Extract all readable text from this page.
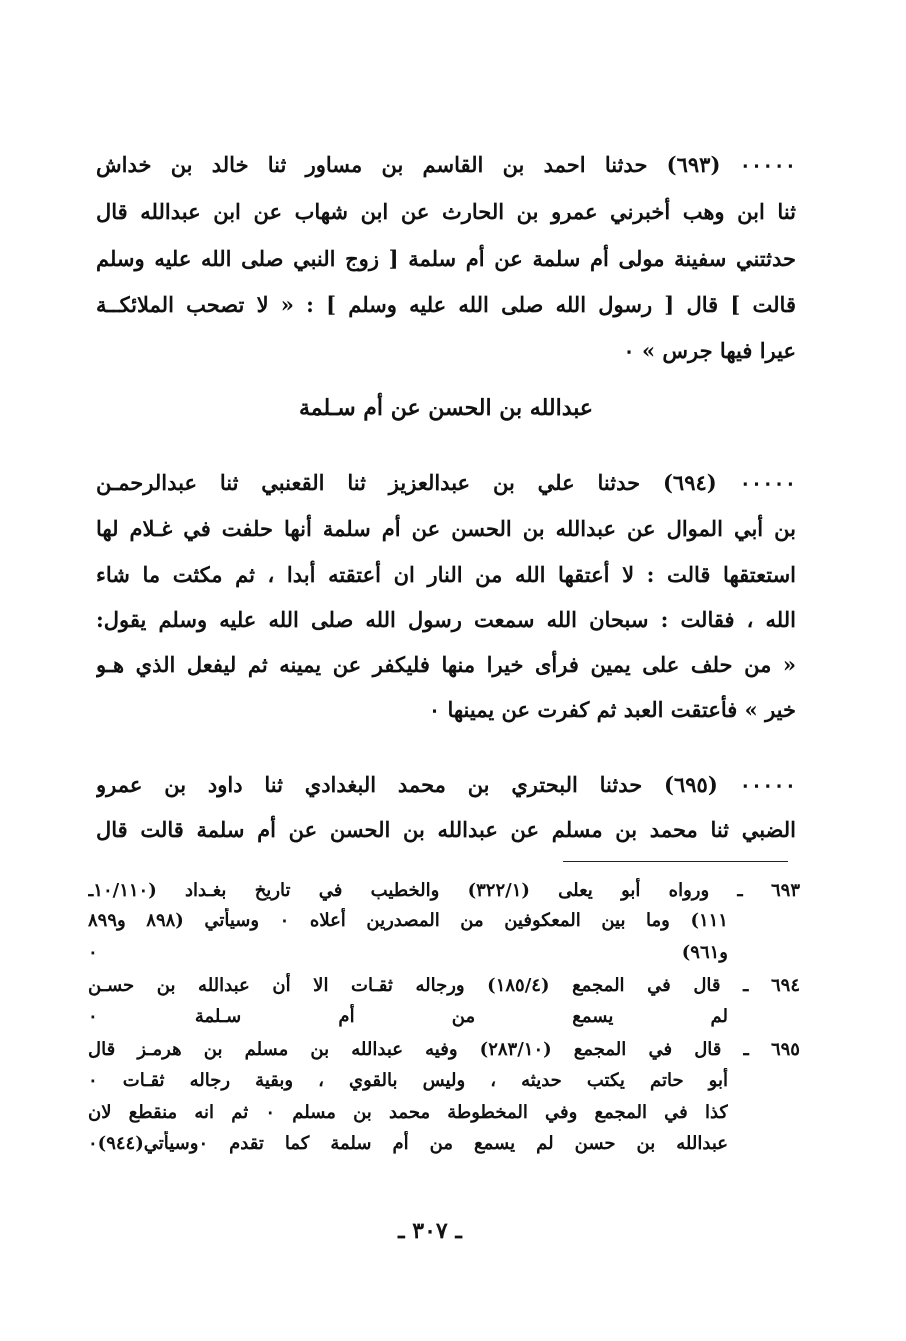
٠٠٠٠٠ (٦٩٣) حدثنا احمد بن القاسم بن مساور ثنا خالد بن خداش
ثنا ابن وهب أخبرني عمرو بن الحارث عن ابن شهاب عن ابن عبدالله قال
حدثتني سفينة مولى أم سلمة عن أم سلمة [ زوج النبي صلى الله عليه وسلم
قالت ] قال [ رسول الله صلى الله عليه وسلم ] : « لا تصحب الملائكــة
عيرا فيها جرس » ٠
عبدالله بن الحسن عن أم سـلمة
٠٠٠٠٠ (٦٩٤) حدثنا علي بن عبدالعزيز ثنا القعنبي ثنا عبدالرحمـن
بن أبي الموال عن عبدالله بن الحسن عن أم سلمة أنها حلفت في غـلام لها
استعتقها قالت : لا أعتقها الله من النار ان أعتقته أبدا ، ثم مكثت ما شاء
الله ، فقالت : سبحان الله سمعت رسول الله صلى الله عليه وسلم يقول:
« من حلف على يمين فرأى خيرا منها فليكفر عن يمينه ثم ليفعل الذي هـو
خير » فأعتقت العبد ثم كفرت عن يمينها ٠
٠٠٠٠٠ (٦٩٥) حدثنا البحتري بن محمد البغدادي ثنا داود بن عمرو
الضبي ثنا محمد بن مسلم عن عبدالله بن الحسن عن أم سلمة قالت قال
٦٩٣ ـ ورواه أبو يعلى (٣٢٢/١) والخطيب في تاريخ بغـداد (١٠/١١٠ـ
١١١) وما بين المعكوفين من المصدرين أعلاه ٠ وسيأتي (٨٩٨ و٨٩٩
و٩٦١) ٠
٦٩٤ ـ قال في المجمع (١٨٥/٤) ورجاله ثقـات الا أن عبدالله بن حسـن
لم يسمع من أم سـلمة ٠
٦٩٥ ـ قال في المجمع (٢٨٣/١٠) وفيه عبدالله بن مسلم بن هرمـز قال
أبو حاتم يكتب حديثه ، وليس بالقوي ، وبقية رجاله ثقـات ٠
كذا في المجمع وفي المخطوطة محمد بن مسلم ٠ ثم انه منقطع لان
عبدالله بن حسن لم يسمع من أم سلمة كما تقدم ٠وسيأتي(٩٤٤)٠
ـ ٣٠٧ ـ
